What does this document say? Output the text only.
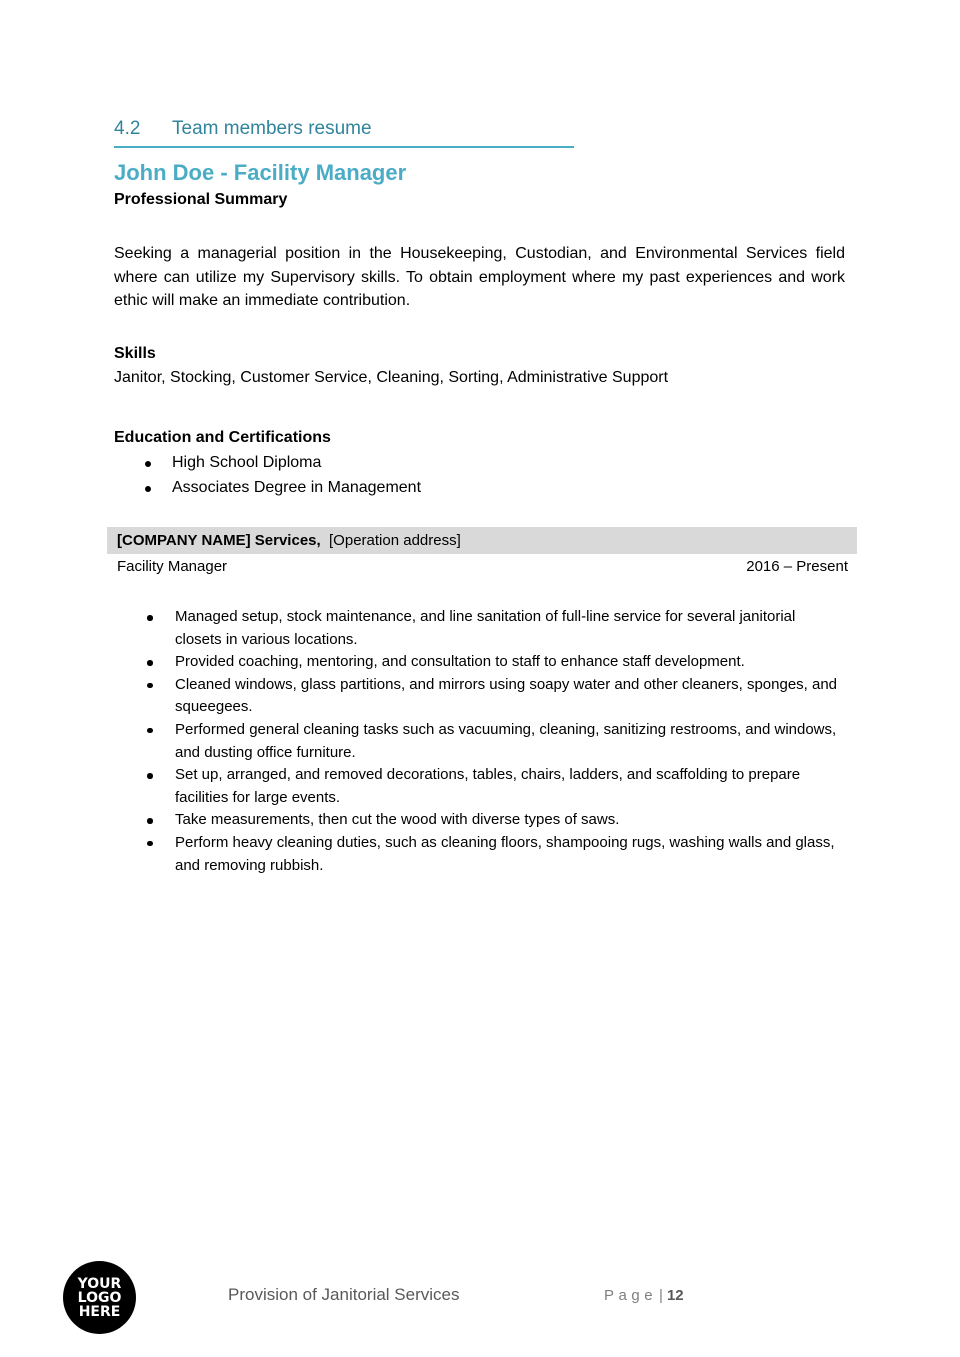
4.2 Team members resume
John Doe - Facility Manager
Professional Summary
Seeking a managerial position in the Housekeeping, Custodian, and Environmental Services field where can utilize my Supervisory skills. To obtain employment where my past experiences and work ethic will make an immediate contribution.
Skills
Janitor, Stocking, Customer Service, Cleaning, Sorting, Administrative Support
Education and Certifications
High School Diploma
Associates Degree in Management
[COMPANY NAME] Services, [Operation address]
Facility Manager	2016 – Present
Managed setup, stock maintenance, and line sanitation of full-line service for several janitorial closets in various locations.
Provided coaching, mentoring, and consultation to staff to enhance staff development.
Cleaned windows, glass partitions, and mirrors using soapy water and other cleaners, sponges, and squeegees.
Performed general cleaning tasks such as vacuuming, cleaning, sanitizing restrooms, and windows, and dusting office furniture.
Set up, arranged, and removed decorations, tables, chairs, ladders, and scaffolding to prepare facilities for large events.
Take measurements, then cut the wood with diverse types of saws.
Perform heavy cleaning duties, such as cleaning floors, shampooing rugs, washing walls and glass, and removing rubbish.
YOUR
LOGO
HERE
Provision of Janitorial Services	Page | 12
